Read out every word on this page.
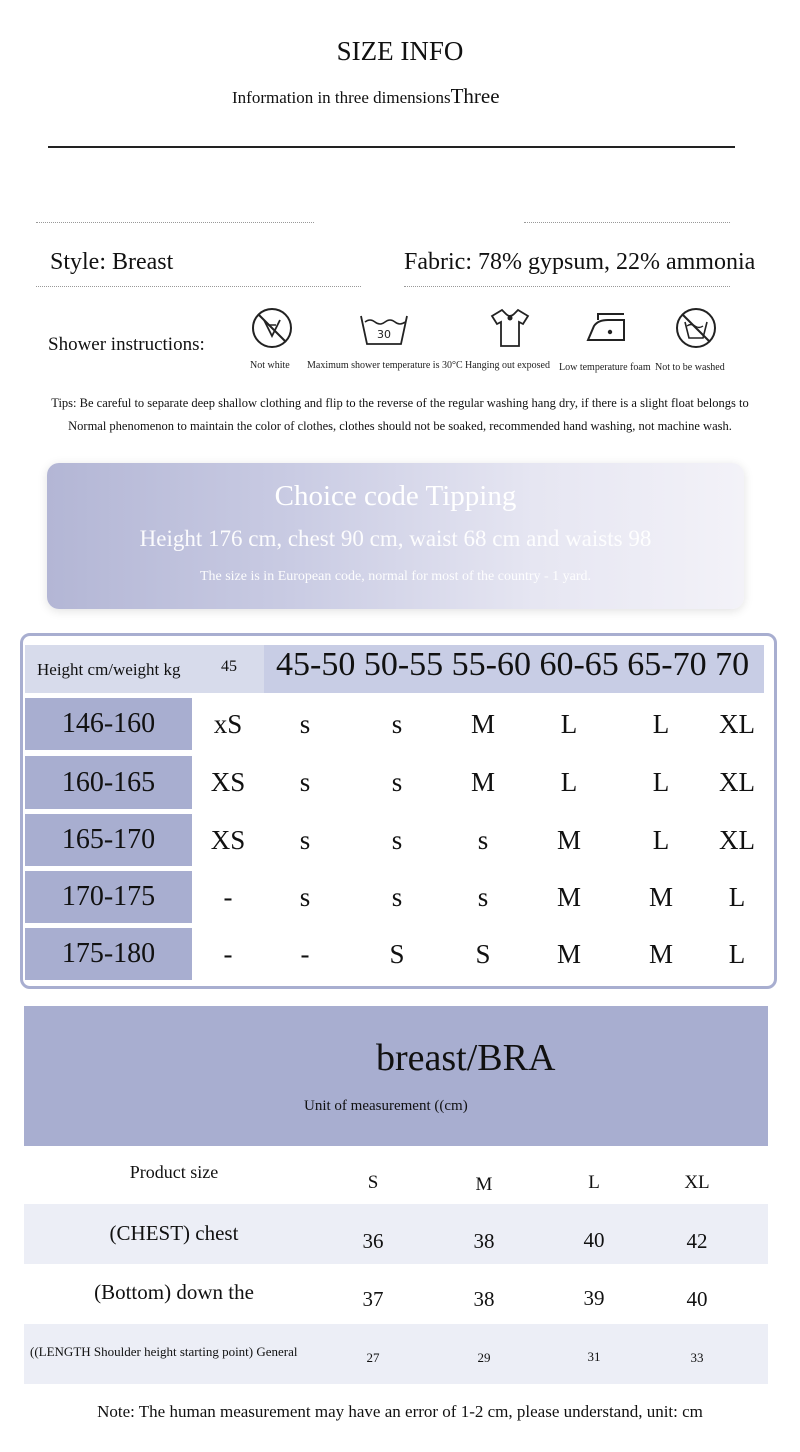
SIZE INFO
Information in three dimensionsThree
Style: Breast	Fabric: 78% gypsum, 22% ammonia
Shower instructions:	30
Not white Maximum shower temperature is 30°C Hanging out exposed Low temperature foam Not to be washed
Tips: Be careful to separate deep shallow clothing and flip to the reverse of the regular washing hang dry, if there is a slight float belongs to
Normal phenomenon to maintain the color of clothes, clothes should not be soaked, recommended hand washing, not machine wash.
Choice code Tipping
Height 176 cm, chest 90 cm, waist 68 cm and waists 98
The size is in European code, normal for most of the country - 1 yard.
Height cm/weight kg	45 45-50 50-55 55-60 60-65 65-70 70
146-160	xS	s	s	M	L	L	XL
160-165	XS	s	s	M	L	L	XL
165-170	XS	s	s	s	M	L	XL
170-175	-	s	s	s	M	M	L
175-180	-	-	S	S	M	M	L
breast/BRA
Unit of measurement ((cm)
Product size	S	M	L	XL
(CHEST) chest	36	38	40	42
(Bottom) down the	37	38	39	40
((LENGTH Shoulder height starting point) General	27	29	31	33
Note: The human measurement may have an error of 1-2 cm, please understand, unit: cm
